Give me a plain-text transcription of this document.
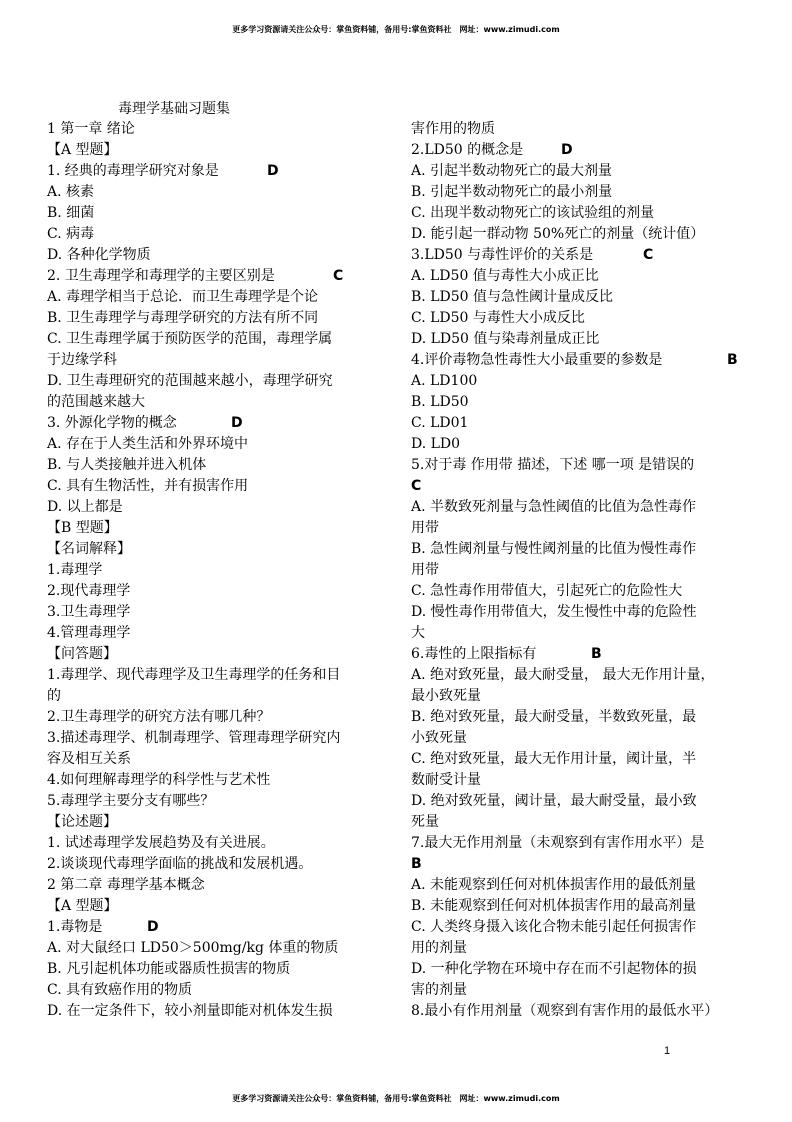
更多学习资源请关注公众号：掌鱼资料铺，备用号:掌鱼资料社　网址：www.zimudi.com
毒理学基础习题集
1 第一章 绪论
【A 型题】
1. 经典的毒理学研究对象是	D
A. 核素
B. 细菌
C. 病毒
D. 各种化学物质
2. 卫生毒理学和毒理学的主要区别是	C
A. 毒理学相当于总论．而卫生毒理学是个论
B. 卫生毒理学与毒理学研究的方法有所不同
C. 卫生毒理学属于预防医学的范围，毒理学属
于边缘学科
D. 卫生毒理研究的范围越来越小，毒理学研究
的范围越来越大
3. 外源化学物的概念	D
A. 存在于人类生活和外界环境中
B. 与人类接触并进入机体
C. 具有生物活性，并有损害作用
D. 以上都是
【B 型题】
【名词解释】
1.毒理学
2.现代毒理学
3.卫生毒理学
4.管理毒理学
【问答题】
1.毒理学、现代毒理学及卫生毒理学的任务和目
的
2.卫生毒理学的研究方法有哪几种？
3.描述毒理学、机制毒理学、管理毒理学研究内
容及相互关系
4.如何理解毒理学的科学性与艺术性
5.毒理学主要分支有哪些？
【论述题】
1. 试述毒理学发展趋势及有关进展。
2.谈谈现代毒理学面临的挑战和发展机遇。
2 第二章 毒理学基本概念
【A 型题】
1.毒物是	D
A. 对大鼠经口 LD50＞500mg/kg 体重的物质
B. 凡引起机体功能或器质性损害的物质
C. 具有致癌作用的物质
D. 在一定条件下，较小剂量即能对机体发生损
害作用的物质
2.LD50 的概念是	D
A. 引起半数动物死亡的最大剂量
B. 引起半数动物死亡的最小剂量
C. 出现半数动物死亡的该试验组的剂量
D. 能引起一群动物 50%死亡的剂量（统计值）
3.LD50 与毒性评价的关系是	C
A. LD50 值与毒性大小成正比
B. LD50 值与急性阈计量成反比
C. LD50 与毒性大小成反比
D. LD50 值与染毒剂量成正比
4.评价毒物急性毒性大小最重要的参数是	B
A. LD100
B. LD50
C. LD01
D. LD0
5.对于毒 作用带 描述，下述 哪一项 是错误的
C
A. 半数致死剂量与急性阈值的比值为急性毒作
用带
B. 急性阈剂量与慢性阈剂量的比值为慢性毒作
用带
C. 急性毒作用带值大，引起死亡的危险性大
D. 慢性毒作用带值大，发生慢性中毒的危险性
大
6.毒性的上限指标有	B
A. 绝对致死量，最大耐受量， 最大无作用计量，
最小致死量
B. 绝对致死量，最大耐受量，半数致死量，最
小致死量
C. 绝对致死量，最大无作用计量，阈计量，半
数耐受计量
D. 绝对致死量，阈计量，最大耐受量，最小致
死量
7.最大无作用剂量（未观察到有害作用水平）是
B
A. 未能观察到任何对机体损害作用的最低剂量
B. 未能观察到任何对机体损害作用的最高剂量
C. 人类终身摄入该化合物未能引起任何损害作
用的剂量
D. 一种化学物在环境中存在而不引起物体的损
害的剂量
8.最小有作用剂量（观察到有害作用的最低水平）
1
更多学习资源请关注公众号：掌鱼资料铺，备用号:掌鱼资料社　网址：www.zimudi.com
